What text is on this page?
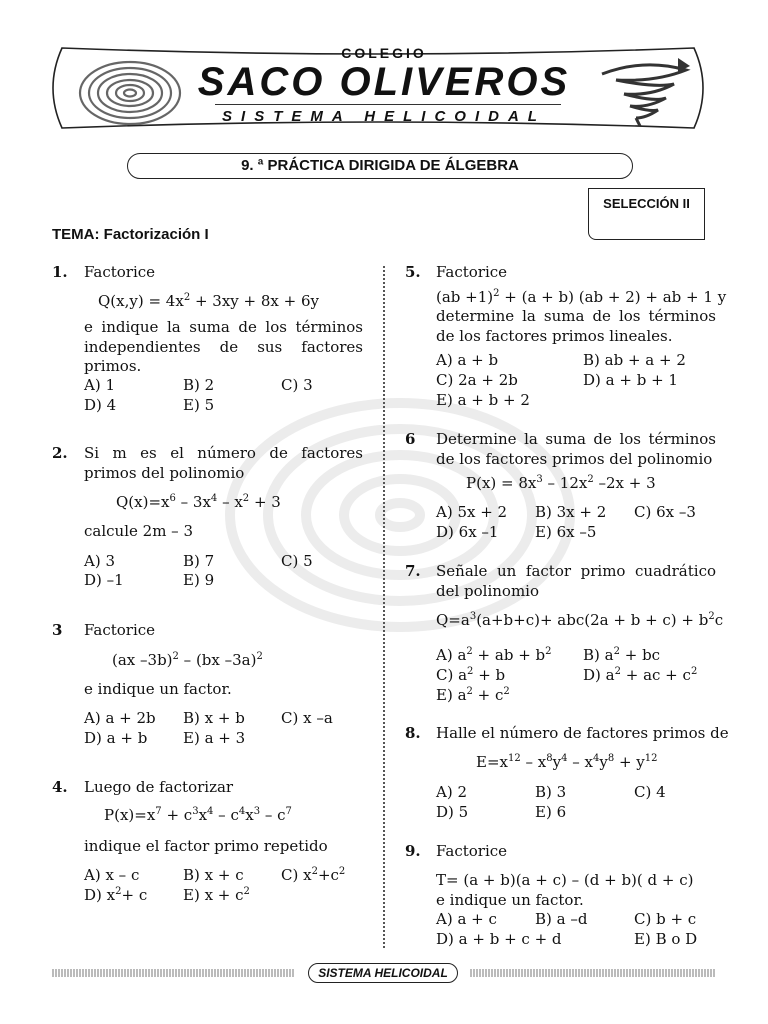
COLEGIO
SACO OLIVEROS
SISTEMA HELICOIDAL
9. ª PRÁCTICA DIRIGIDA DE ÁLGEBRA
SELECCIÓN II
TEMA: Factorización I
1. Factorice
$Q(x,y) = 4x^2 + 3xy + 8x + 6y$
e indique la suma de los términos independientes de sus factores primos.
A) 1	B) 2	C) 3
D) 4	E) 5
2. Si m es el número de factores primos del polinomio
$Q(x)=x^6 - 3x^4 - x^2 + 3$
calcule 2m – 3
A) 3	B) 7	C) 5
D) –1	E) 9
3 Factorice
(ax –3b)$^2$ – (bx –3a)$^2$
e indique un factor.
A) a + 2b B) x + b C) x –a
D) a + b E) a + 3
4. Luego de factorizar
$P(x)=x^7 + c^3x^4 - c^4x^3 - c^7$
indique el factor primo repetido
A) x – c	B) x + c C) $x^2+c^2$
D) $x^2+ c$ E) $x + c^2$
5. Factorice
(ab +1)$^2$ + (a + b) (ab + 2) + ab + 1 y
determine la suma de los términos de los factores primos lineales.
A) a + b	B) ab + a + 2
C) 2a + 2b	D) a + b + 1
E) a + b + 2
6 Determine la suma de los términos de los factores primos del polinomio
$P(x) = 8x^3 - 12x^2$ –2x + 3
A) 5x + 2 B) 3x + 2 C) 6x –3
D) 6x –1 E) 6x –5
7. Señale un factor primo cuadrático del polinomio
$Q=a^3(a+b+c)+ abc(2a + b + c) + b^2c$
A) $a^2$ + ab + $b^2$ B) $a^2$ + bc
C) $a^2 + b$	D) $a^2$ + ac + $c^2$
E) $a^2 + c^2$
8. Halle el número de factores primos de
$E=x^{12} - x^8y^4 - x^4y^8 + y^{12}$
A) 2	B) 3	C) 4
D) 5	E) 6
9. Factorice
T= (a + b)(a + c) – (d + b)( d + c)
e indique un factor.
A) a + c	B) a –d	C) b + c
D) a + b + c + d	E) B o D
SISTEMA HELICOIDAL
